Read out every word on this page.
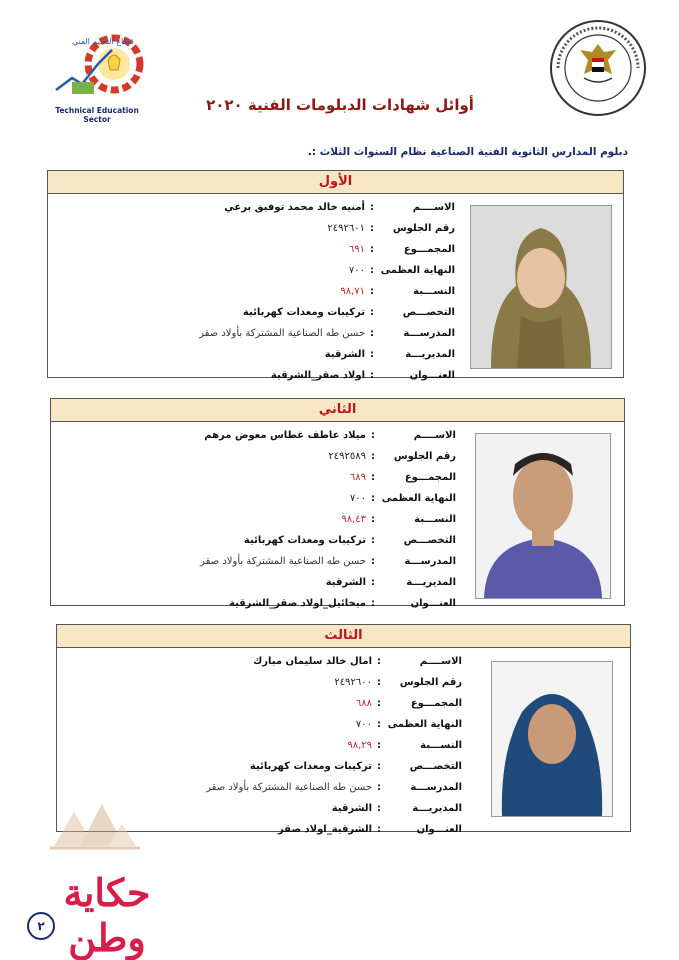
قطاع التعليم الفني
Technical Education Sector
أوائل شهادات الدبلومات الفنية ٢٠٢٠
دبلوم المدارس الثانوية الفنية الصناعية نظام السنوات الثلاث :.
الأول
الاســــم
:
أمنيه خالد محمد توفيق برعي
رقم الجلوس
:
٢٤٩٢٦٠١
المجمـــوع
:
٦٩١
النهاية العظمى
:
٧٠٠
النســـبة
:
٩٨,٧١
التخصـــص
:
تركيبات ومعدات كهربائية
المدرســـة
:
حسن طه الصناعية المشتركة بأولاد صقر
المديريـــة
:
الشرقية
العنـــوان
:
اولاد صقر_الشرقية
الثاني
الاســــم
:
ميلاد عاطف غطاس معوض مرهم
رقم الجلوس
:
٢٤٩٢٥٨٩
المجمـــوع
:
٦٨٩
النهاية العظمى
:
٧٠٠
النســـبة
:
٩٨,٤٣
التخصـــص
:
تركيبات ومعدات كهربائية
المدرســـة
:
حسن طه الصناعية المشتركة بأولاد صقر
المديريـــة
:
الشرقية
العنـــوان
:
ميخائيل_اولاد صقر_الشرقية
الثالث
الاســــم
:
امال خالد سليمان مبارك
رقم الجلوس
:
٢٤٩٢٦٠٠
المجمـــوع
:
٦٨٨
النهاية العظمى
:
٧٠٠
النســـبة
:
٩٨,٢٩
التخصـــص
:
تركيبات ومعدات كهربائية
المدرســـة
:
حسن طه الصناعية المشتركة بأولاد صقر
المديريـــة
:
الشرقية
العنـــوان
:
الشرقية_اولاد صقر
حكاية وطن
٢
